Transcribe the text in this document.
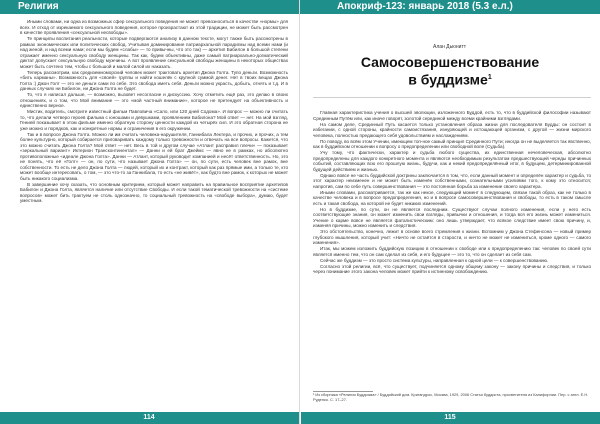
Религия	Апокриф-123: январь 2018 (5.3 е.л.)

Иными словами, ни одна из возможных сфер сексуального поведения не может превозноситься в качестве «нормы» для всех. И отход от изрекаемого сексуального поведения, которое произрастают из этой традиции, не может быть рассмотрен в качестве проявления «сексуальной несвободы».

Те принципы воспитания реальности, которые подвергаются анализу в данном тексте, могут также быть рассмотрены в рамках экономических или политических свобод. Учитывая доминирование патриархальной парадигмы над всеми нами (и над женой, и над всеми нами; если мы будем «слабы» — то привычны, что это так) — архетип Бабилон в большой степени отражает именно сексуальную свободу женщины. Так как, будем объективны, даже самый патриархально-догматический диктат допускает сексуальную свободу мужчины. А вот проявление сексуальной свободы женщины в некоторых обществах может быть сочтено тем, чтобы с большой и малой силой их наказать.

Теперь рассмотрим, как средиземноморский человек может трактовать архетип Джона Голта. Тупо деньги. Возможность «бить карманы». Возможность для «своей» группы и найти кошелёк с крупной суммой денег. Нет в твоих вещах Джона Голта :) Джон Голт — это не деньги сами по себе. Это свобода иметь себя. Деньги можно украсть, добыть, отнять и т.д. И в данных случаях ни Бабилон, ни Джона Голта не будет.

То, что я написал дальше, — возможно, вызовет несогласие и дискуссию. Хочу отметить ещё раз, это делаю в своих отношениях, и о том, что Мой внимание — это «мой частный внимание», которое не претендует на объективность и единственно верное.

Мистик, водитель, смотрите известный фильм Павловича «Сало, или 120 дней Содома». И вопрос — можно ли считать то, что делали четверо героев фильма с юношами и девушками, проявлением Бабилона? Мой ответ — нет. На мой взгляд, Генией показывает в этом фильме именно обратную сторону ценности каждой из четырёх сил. И это обратная сторона не уже можно и порядков, как и конкретные нормы и ограничения в его окружении.

Так и в вопросе Джона Голта. Можно ли им считать человека-нарушителя, Ганнибала Лектера, и прочих, и прочих, а тем более культурно, который собирается приговаривать каждому только тревожности и отвечать на все вопросы. Кажется, что это можно считать Джона Голта? Мой ответ — нет. Весь в той и другом случае «Атлант расправил плечи» — показывает «зеркальный вариант» Иктерион Трансконтинентал» — Данни и ей брат Джеймс — явно не в рамках, но абсолютно противоположные «идеале Джона Голта». Данни — Атлант, который руководит компанией и несёт ответственность. Но, это не понять, что её «Голт» — он, по сути, что называет Джона Голта» — он, по сути, есть человек вне рамок, вне собственности. То есть не дело Джона Голта — людей, который их и контракт, который как раз прямые ими, а только те, кто может вообще интересовать, о том, — это что-то за Ганнибала, то есть «не живёт», как будто вне рамок, к которых не может быть никакого социализма.

В завершение хочу сказать, что основным критерием, который может направить на правильное восприятие архетипов Бабилон и Джона Голта, является наличие или отсутствие Свободы. И если такой тематической тревожности на «системе вопросов» может бить трактуем не столь однозначно, то социальный тревожность на «свободе выбора», думаю, будет уместным.

Алан Дьюнитт
Самосовершенствование
в буддизме$^1$

Главная характеристика учения о высшей эволюции, изложенного Буддой, есть то, что в буддийской философии называют Срединным Путём или, как иначе говорят, золотой серединой между всеми крайними взглядами.

На самом деле, Срединный Путь касается только установления образа жизни для последователя Будды: он состоит в избегании, с одной стороны, крайности самоистязания, изнуряющей и истощающей организм, с другой — жизни мирского человека, полностью предающего себя удовольствиям и наслаждениям.

По поводу, во всём этом Учении, имеющем топ-ное самый принцип Срединного Пути; иногда он не выделяется так явственно, как в буддийском отношении к вопросу о предопределении или свободной воле (Судьба).

Учу тому, что фактически, характер и судьба любого существа, их единственная нечеловеческая, абсолютно предопределены для каждого конкретного момента и являются необходимым результатом предшествующей череды причинных событий, составляющих всю его прошлую жизнь, будучи, как и некий предопределённый итог, в будущем, детерминированной будущей действием и жизнью.

Однако вовсе не часть буддийской доктрины заключается в том, что, если данный момент и определён характер и судьба, то этот характер неизменен и не может быть изменён собственными, сознательными усилиями того, к кому это относится; напротив, сам по себе путь совершенствования — это постоянная борьба за изменение своего характера.

Иными словами, рассматривается, так же как некое, следующий момент в следующем, связан такой образ, как не только в качестве человека и в вопросе предопределения, но и в вопросе самосовершенствования и свободы, то есть в таком смысле есть и такая свобода, на которой не будет никаких изменений.

Но в буддизме, по сути, он не является последним. Существуют случаи полного изменения, если у него есть соответствующие знания, он может изменить свои взгляды, привычки и отношения, и тогда вся его жизнь может измениться. Учение о карме вовсе не является фаталистическим: оно лишь утверждает, что всякое следствие имеет свою причину, и, изменяя причины, можно изменить и следствия.

Это обстоятельство, конечно, лежит в основе всего стремления к жизни. Вспомним у Джона Стефенсона — новый пример глубокого мышления, который учит: «Ничто не остаётся в старости, и ничто не может не измениться, кроме одного — самого изменения».

Итак, мы можем изложить буддийскую позицию в отношении к свободе или к предопределению так: человек по своей сути является именно тем, что он сам сделал из себя, и его будущее — это то, что он сделает из себя сам.

Сейчас же буддизм — это просто система культуры, направленная к одной цели — к совершенствованию.

Согласно этой религии, всё, что существует, подчиняется одному общему закону — закону причины и следствия, и только через понимание этого закона человек может прийти к истинному освобождению.

¹ Из сборника «Религия Буддизма» / Буддийский дом. Кригандрос, Москва, 1929, 2006 Статья буддиста, просветителя из Калифорнии. Пер. с англ. Е.Н. Руденко. С. 17–27.
114	115
